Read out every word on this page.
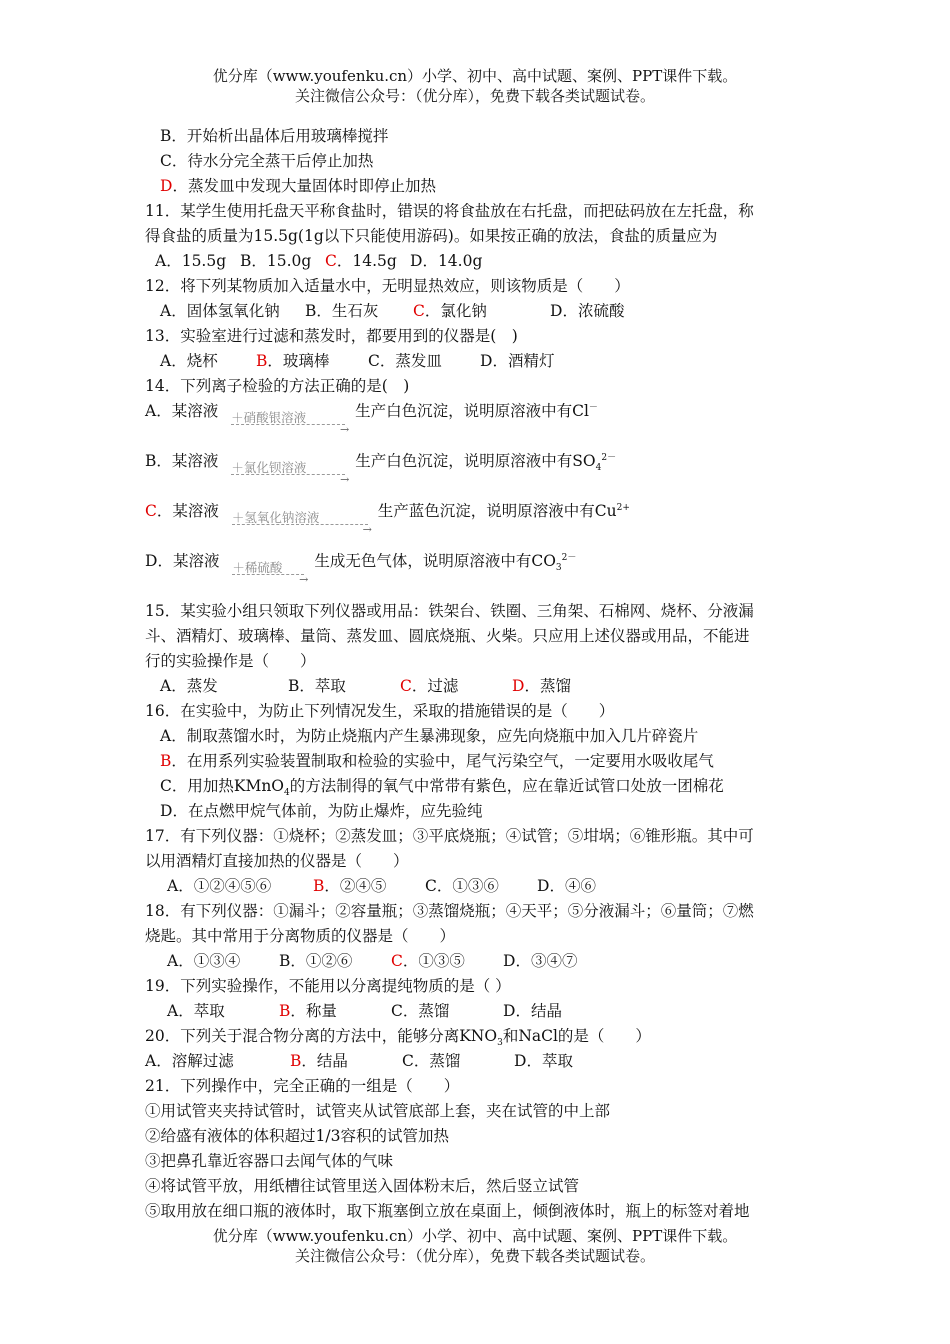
优分库（www.youfenku.cn）小学、初中、高中试题、案例、PPT课件下载。
关注微信公众号：（优分库），免费下载各类试题试卷。
B．开始析出晶体后用玻璃棒搅拌
C．待水分完全蒸干后停止加热
D．蒸发皿中发现大量固体时即停止加热
11．某学生使用托盘天平称食盐时，错误的将食盐放在右托盘，而把砝码放在左托盘，称
得食盐的质量为15.5g(1g以下只能使用游码)。如果按正确的放法，食盐的质量应为
A．15.5g B．15.0g C．14.5g D．14.0g
12．将下列某物质加入适量水中，无明显热效应，则该物质是（　　）
A．固体氢氧化钠 B．生石灰 C．氯化钠	D．浓硫酸
13．实验室进行过滤和蒸发时，都要用到的仪器是(　)
A．烧杯 B．玻璃棒 C．蒸发皿 D．酒精灯
14．下列离子检验的方法正确的是(　)
A．某溶液 ＋硝酸银溶液
→
生产白色沉淀，说明原溶液中有Cl－
B．某溶液 ＋氯化钡溶液
→
生产白色沉淀，说明原溶液中有$SO_4^{2-}$
C．某溶液 ＋氢氧化钠溶液
→
生产蓝色沉淀，说明原溶液中有$Cu^{2+}$
D．某溶液 ＋稀硫酸
→
生成无色气体，说明原溶液中有$CO_3^{2-}$
15．某实验小组只领取下列仪器或用品：铁架台、铁圈、三角架、石棉网、烧杯、分液漏
斗、酒精灯、玻璃棒、量筒、蒸发皿、圆底烧瓶、火柴。只应用上述仪器或用品，不能进
行的实验操作是（　　）
A．蒸发	B．萃取	C．过滤	D．蒸馏
16．在实验中，为防止下列情况发生，采取的措施错误的是（　　）
A．制取蒸馏水时，为防止烧瓶内产生暴沸现象，应先向烧瓶中加入几片碎瓷片
B．在用系列实验装置制取和检验的实验中，尾气污染空气，一定要用水吸收尾气
C．用加热KMnO$_4$的方法制得的氧气中常带有紫色，应在靠近试管口处放一团棉花
D．在点燃甲烷气体前，为防止爆炸，应先验纯
17．有下列仪器：①烧杯；②蒸发皿；③平底烧瓶；④试管；⑤坩埚；⑥锥形瓶。其中可
以用酒精灯直接加热的仪器是（　　）
A．①②④⑤⑥	B．②④⑤ C．①③⑥ D．④⑥
18．有下列仪器：①漏斗；②容量瓶；③蒸馏烧瓶；④天平；⑤分液漏斗；⑥量筒；⑦燃
烧匙。其中常用于分离物质的仪器是（　　）
A．①③④	B．①②⑥ C．①③⑤ D．③④⑦
19．下列实验操作，不能用以分离提纯物质的是（ ）
A．萃取	B．称量	C．蒸馏	D．结晶
20．下列关于混合物分离的方法中，能够分离$KNO_3$和NaCl的是（　　）
A．溶解过滤	B．结晶	C．蒸馏	D．萃取
21．下列操作中，完全正确的一组是（　　）
①用试管夹夹持试管时，试管夹从试管底部上套，夹在试管的中上部
②给盛有液体的体积超过1/3容积的试管加热
③把鼻孔靠近容器口去闻气体的气味
④将试管平放，用纸槽往试管里送入固体粉末后，然后竖立试管
⑤取用放在细口瓶的液体时，取下瓶塞倒立放在桌面上，倾倒液体时，瓶上的标签对着地
优分库（www.youfenku.cn）小学、初中、高中试题、案例、PPT课件下载。
关注微信公众号：（优分库），免费下载各类试题试卷。
